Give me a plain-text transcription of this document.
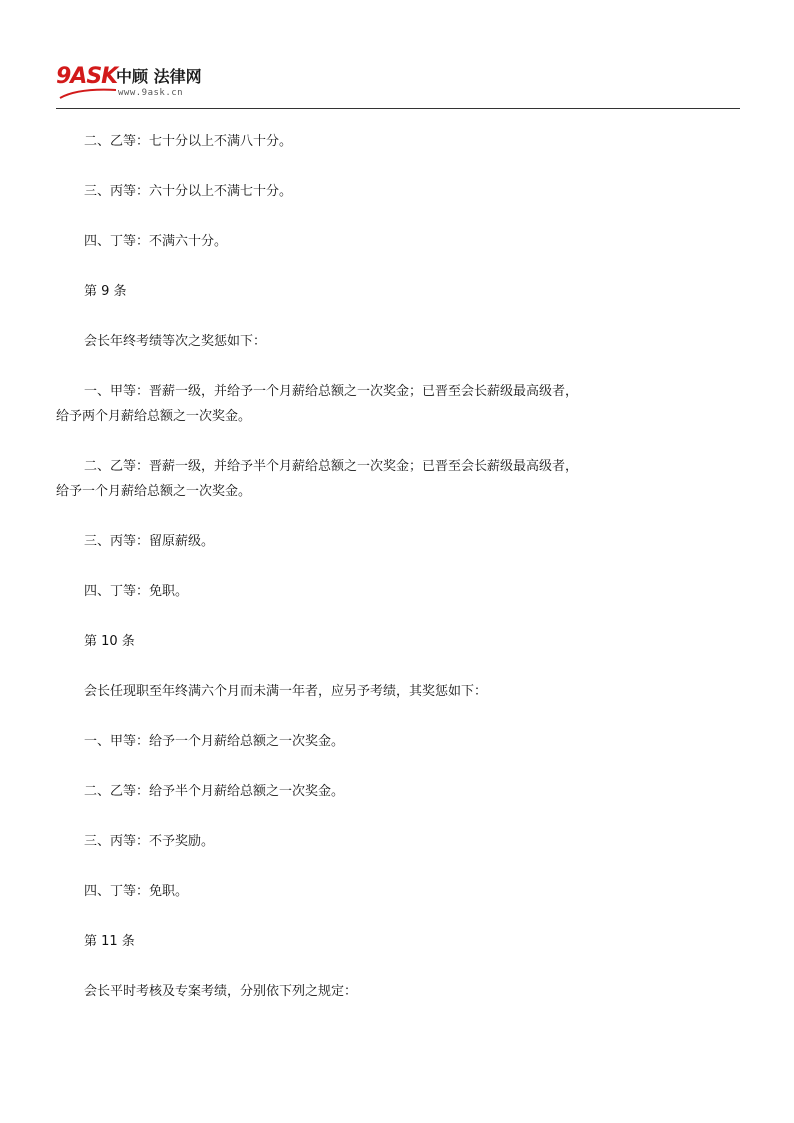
9ASK
中顾 法律网
www.9ask.cn
二、乙等：七十分以上不满八十分。
三、丙等：六十分以上不满七十分。
四、丁等：不满六十分。
第 9 条
会长年终考绩等次之奖惩如下：
一、甲等：晋薪一级，并给予一个月薪给总额之一次奖金；已晋至会长薪级最高级者，
给予两个月薪给总额之一次奖金。
二、乙等：晋薪一级，并给予半个月薪给总额之一次奖金；已晋至会长薪级最高级者，
给予一个月薪给总额之一次奖金。
三、丙等：留原薪级。
四、丁等：免职。
第 10 条
会长任现职至年终满六个月而未满一年者，应另予考绩，其奖惩如下：
一、甲等：给予一个月薪给总额之一次奖金。
二、乙等：给予半个月薪给总额之一次奖金。
三、丙等：不予奖励。
四、丁等：免职。
第 11 条
会长平时考核及专案考绩，分别依下列之规定：
